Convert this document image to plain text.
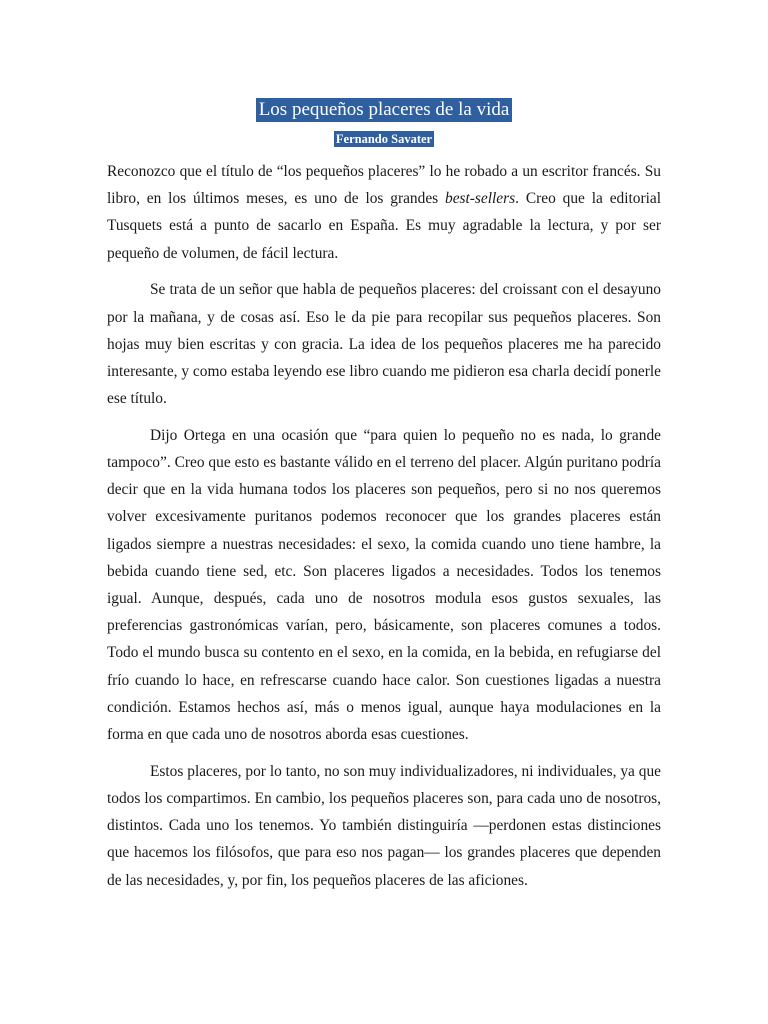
Los pequeños placeres de la vida
Fernando Savater

Reconozco que el título de “los pequeños placeres” lo he robado a un escritor francés. Su libro, en los últimos meses, es uno de los grandes best-sellers. Creo que la editorial Tusquets está a punto de sacarlo en España. Es muy agradable la lectura, y por ser pequeño de volumen, de fácil lectura.

Se trata de un señor que habla de pequeños placeres: del croissant con el desayuno por la mañana, y de cosas así. Eso le da pie para recopilar sus pequeños placeres. Son hojas muy bien escritas y con gracia. La idea de los pequeños placeres me ha parecido interesante, y como estaba leyendo ese libro cuando me pidieron esa charla decidí ponerle ese título.

Dijo Ortega en una ocasión que “para quien lo pequeño no es nada, lo grande tampoco”. Creo que esto es bastante válido en el terreno del placer. Algún puritano podría decir que en la vida humana todos los placeres son pequeños, pero si no nos queremos volver excesivamente puritanos podemos reconocer que los grandes placeres están ligados siempre a nuestras necesidades: el sexo, la comida cuando uno tiene hambre, la bebida cuando tiene sed, etc. Son placeres ligados a necesidades. Todos los tenemos igual. Aunque, después, cada uno de nosotros modula esos gustos sexuales, las preferencias gastronómicas varían, pero, básicamente, son placeres comunes a todos. Todo el mundo busca su contento en el sexo, en la comida, en la bebida, en refugiarse del frío cuando lo hace, en refrescarse cuando hace calor. Son cuestiones ligadas a nuestra condición. Estamos hechos así, más o menos igual, aunque haya modulaciones en la forma en que cada uno de nosotros aborda esas cuestiones.

Estos placeres, por lo tanto, no son muy individualizadores, ni individuales, ya que todos los compartimos. En cambio, los pequeños placeres son, para cada uno de nosotros, distintos. Cada uno los tenemos. Yo también distinguiría —perdonen estas distinciones que hacemos los filósofos, que para eso nos pagan— los grandes placeres que dependen de las necesidades, y, por fin, los pequeños placeres de las aficiones.
